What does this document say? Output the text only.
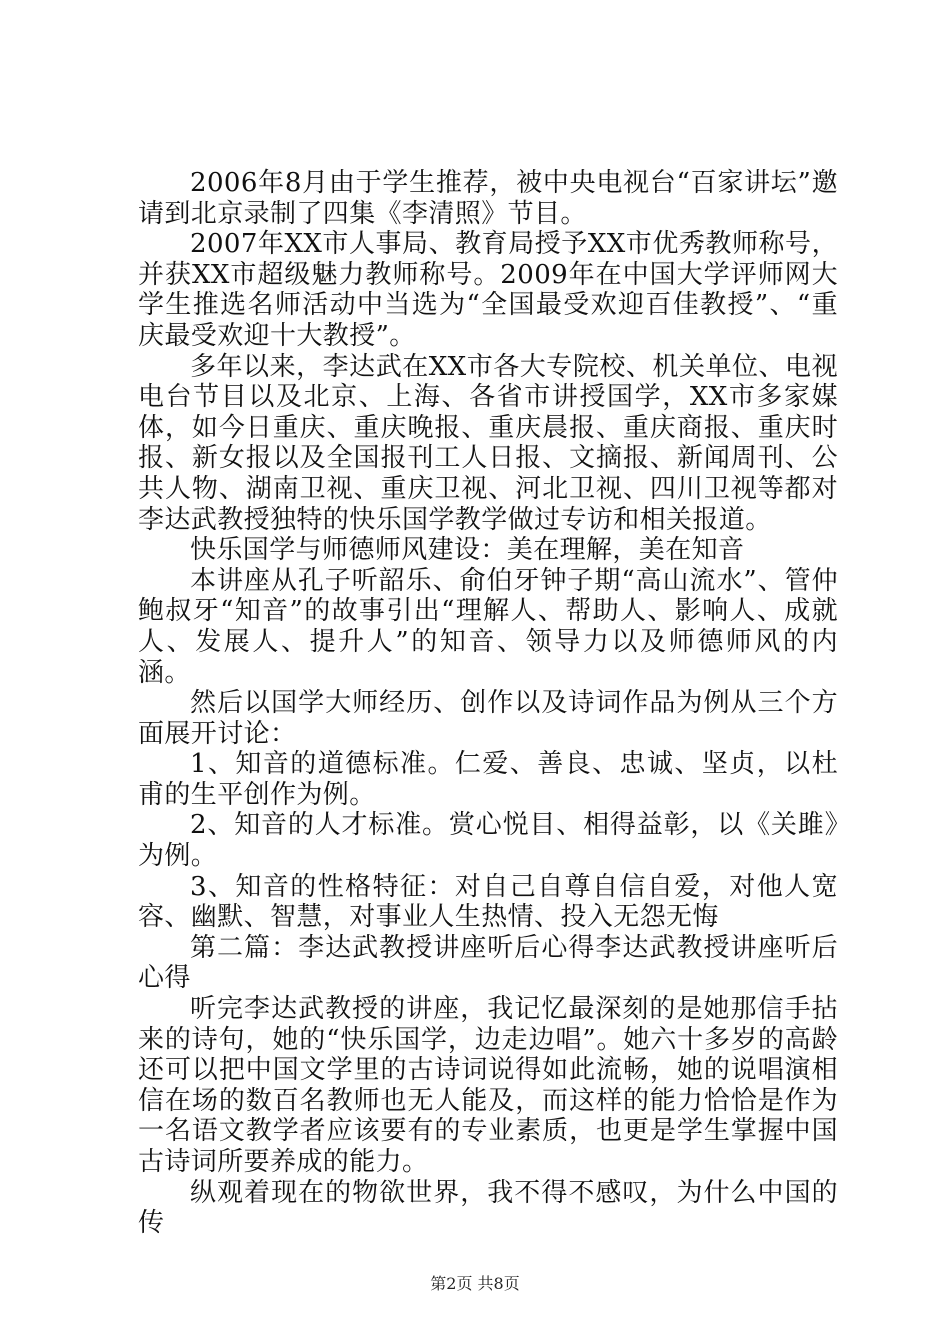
2006年8月由于学生推荐，被中央电视台“百家讲坛”邀请到北京录制了四集《李清照》节目。

2007年XX市人事局、教育局授予XX市优秀教师称号，并获XX市超级魅力教师称号。2009年在中国大学评师网大学生推选名师活动中当选为“全国最受欢迎百佳教授”、“重庆最受欢迎十大教授”。

多年以来，李达武在XX市各大专院校、机关单位、电视电台节目以及北京、上海、各省市讲授国学，XX市多家媒体，如今日重庆、重庆晚报、重庆晨报、重庆商报、重庆时报、新女报以及全国报刊工人日报、文摘报、新闻周刊、公共人物、湖南卫视、重庆卫视、河北卫视、四川卫视等都对李达武教授独特的快乐国学教学做过专访和相关报道。

快乐国学与师德师风建设：美在理解，美在知音

本讲座从孔子听韶乐、俞伯牙钟子期“高山流水”、管仲鲍叔牙“知音”的故事引出“理解人、帮助人、影响人、成就人、发展人、提升人”的知音、领导力以及师德师风的内涵。

然后以国学大师经历、创作以及诗词作品为例从三个方面展开讨论：

1、知音的道德标准。仁爱、善良、忠诚、坚贞，以杜甫的生平创作为例。

2、知音的人才标准。赏心悦目、相得益彰，以《关雎》为例。

3、知音的性格特征：对自己自尊自信自爱，对他人宽容、幽默、智慧，对事业人生热情、投入无怨无悔

第二篇：李达武教授讲座听后心得李达武教授讲座听后心得

听完李达武教授的讲座，我记忆最深刻的是她那信手拈来的诗句，她的“快乐国学，边走边唱”。她六十多岁的高龄还可以把中国文学里的古诗词说得如此流畅，她的说唱演相信在场的数百名教师也无人能及，而这样的能力恰恰是作为一名语文教学者应该要有的专业素质，也更是学生掌握中国古诗词所要养成的能力。

纵观着现在的物欲世界，我不得不感叹，为什么中国的传

第2页 共8页
